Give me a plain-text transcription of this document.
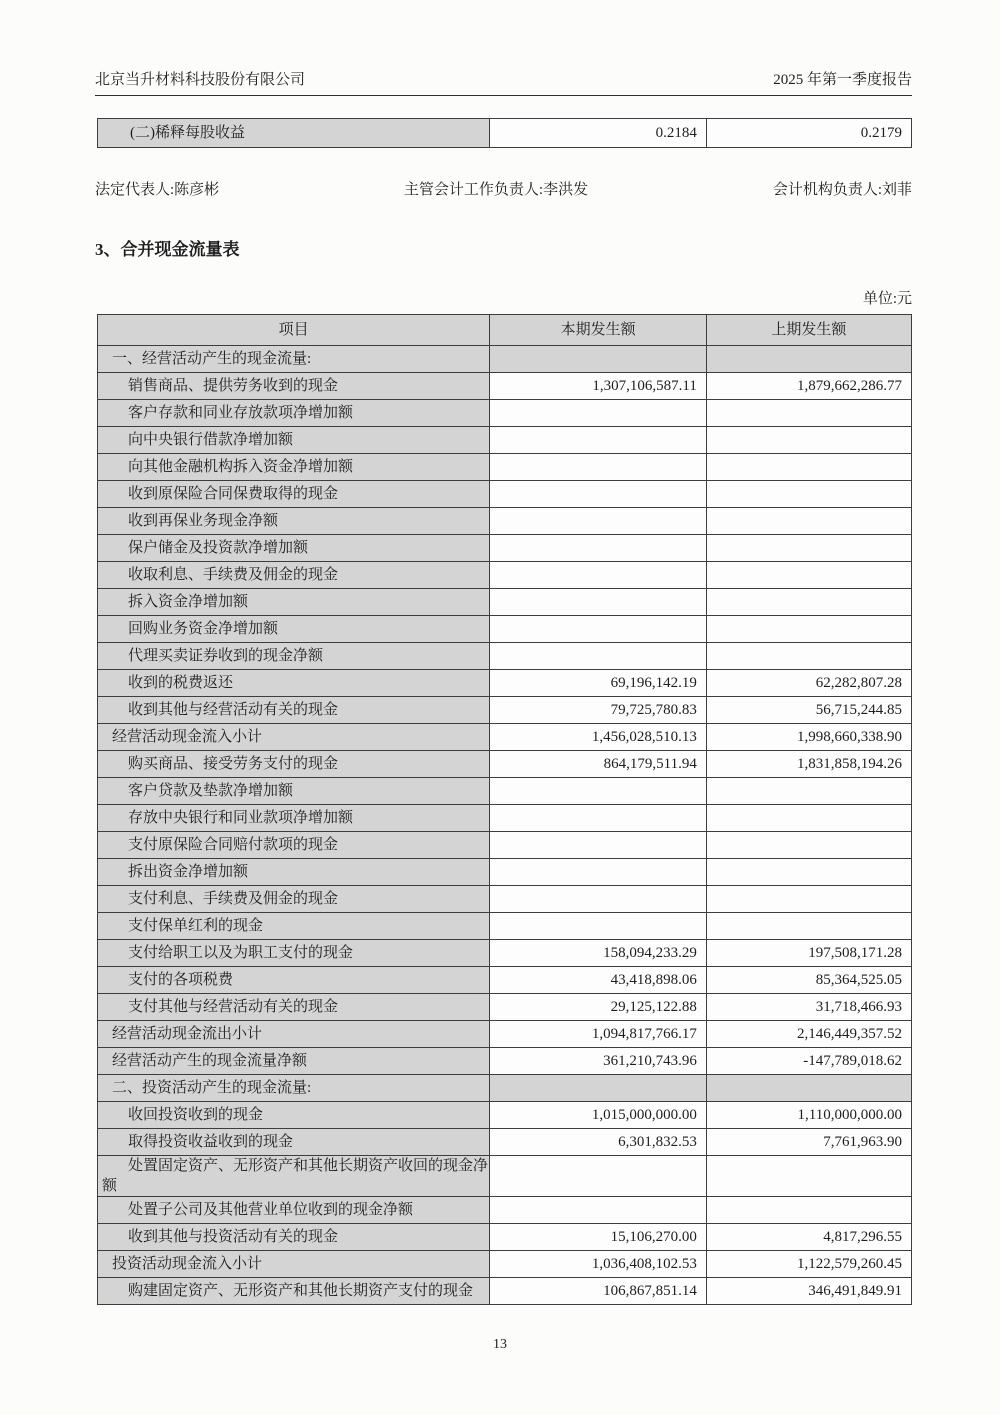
北京当升材料科技股份有限公司	2025 年第一季度报告
(二)稀释每股收益	0.2184	0.2179
法定代表人:陈彦彬	主管会计工作负责人:李洪发	会计机构负责人:刘菲
3、合并现金流量表
单位:元
项目	本期发生额	上期发生额
一、经营活动产生的现金流量:		
销售商品、提供劳务收到的现金	1,307,106,587.11	1,879,662,286.77
客户存款和同业存放款项净增加额		
向中央银行借款净增加额		
向其他金融机构拆入资金净增加额		
收到原保险合同保费取得的现金		
收到再保业务现金净额		
保户储金及投资款净增加额		
收取利息、手续费及佣金的现金		
拆入资金净增加额		
回购业务资金净增加额		
代理买卖证券收到的现金净额		
收到的税费返还	69,196,142.19	62,282,807.28
收到其他与经营活动有关的现金	79,725,780.83	56,715,244.85
经营活动现金流入小计	1,456,028,510.13	1,998,660,338.90
购买商品、接受劳务支付的现金	864,179,511.94	1,831,858,194.26
客户贷款及垫款净增加额		
存放中央银行和同业款项净增加额		
支付原保险合同赔付款项的现金		
拆出资金净增加额		
支付利息、手续费及佣金的现金		
支付保单红利的现金		
支付给职工以及为职工支付的现金	158,094,233.29	197,508,171.28
支付的各项税费	43,418,898.06	85,364,525.05
支付其他与经营活动有关的现金	29,125,122.88	31,718,466.93
经营活动现金流出小计	1,094,817,766.17	2,146,449,357.52
经营活动产生的现金流量净额	361,210,743.96	-147,789,018.62
二、投资活动产生的现金流量:		
收回投资收到的现金	1,015,000,000.00	1,110,000,000.00
取得投资收益收到的现金	6,301,832.53	7,761,963.90
处置固定资产、无形资产和其他长期资产收回的现金净额		
处置子公司及其他营业单位收到的现金净额		
收到其他与投资活动有关的现金	15,106,270.00	4,817,296.55
投资活动现金流入小计	1,036,408,102.53	1,122,579,260.45
购建固定资产、无形资产和其他长期资产支付的现金	106,867,851.14	346,491,849.91
13
